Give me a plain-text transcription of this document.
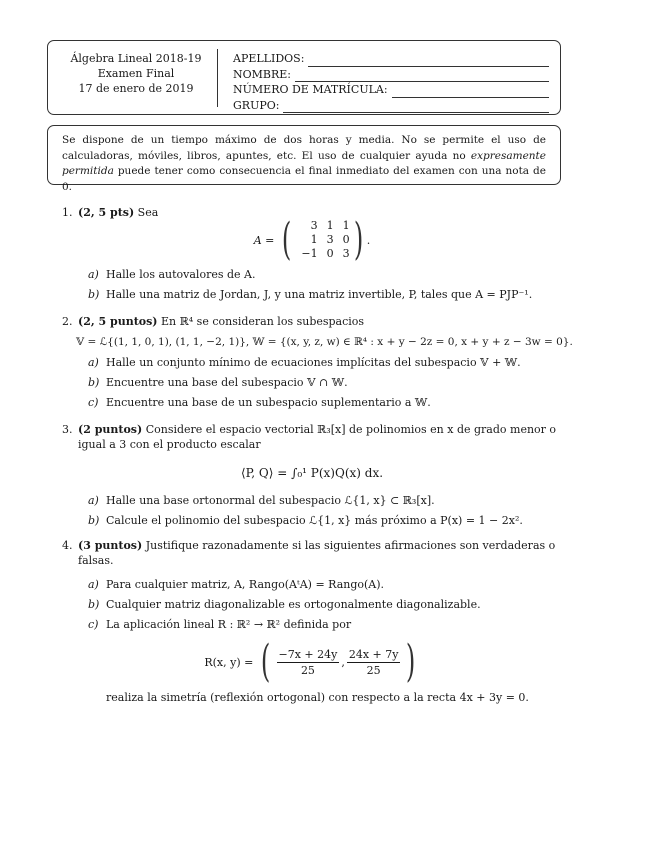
Álgebra Lineal 2018-19
Examen Final
17 de enero de 2019
APELLIDOS:
NOMBRE:
NÚMERO DE MATRÍCULA:
GRUPO:

Se dispone de un tiempo máximo de dos horas y media. No se permite el uso de calculadoras, móviles, libros, apuntes, etc. El uso de cualquier ayuda no expresamente permitida puede tener como consecuencia el final inmediato del examen con una nota de 0.

1. (2, 5 pts) Sea
A = (	3 1 1
1 3 0
−1 0 3 ) .
a) Halle los autovalores de A.
b) Halle una matriz de Jordan, J, y una matriz invertible, P, tales que A = PJP⁻¹.
2. (2, 5 puntos) En ℝ⁴ se consideran los subespacios
𝕍 = ℒ{(1, 1, 0, 1), (1, 1, −2, 1)}, 𝕎 = {(x, y, z, w) ∈ ℝ⁴ : x + y − 2z = 0, x + y + z − 3w = 0}.
a) Halle un conjunto mínimo de ecuaciones implícitas del subespacio 𝕍 + 𝕎.
b) Encuentre una base del subespacio 𝕍 ∩ 𝕎.
c) Encuentre una base de un subespacio suplementario a 𝕎.
3. (2 puntos) Considere el espacio vectorial ℝ₃[x] de polinomios en x de grado menor o igual a 3 con el producto escalar
⟨P, Q⟩ = ∫₀¹ P(x)Q(x) dx.
a) Halle una base ortonormal del subespacio ℒ{1, x} ⊂ ℝ₃[x].
b) Calcule el polinomio del subespacio ℒ{1, x} más próximo a P(x) = 1 − 2x².
4. (3 puntos) Justifique razonadamente si las siguientes afirmaciones son verdaderas o falsas.
a) Para cualquier matriz, A, Rango(AᵗA) = Rango(A).
b) Cualquier matriz diagonalizable es ortogonalmente diagonalizable.
c) La aplicación lineal R : ℝ² → ℝ² definida por
R(x, y) = ( $\frac{-7x + 24y}{25}$ , $\frac{24x + 7y}{25}$ )
realiza la simetría (reflexión ortogonal) con respecto a la recta 4x + 3y = 0.
